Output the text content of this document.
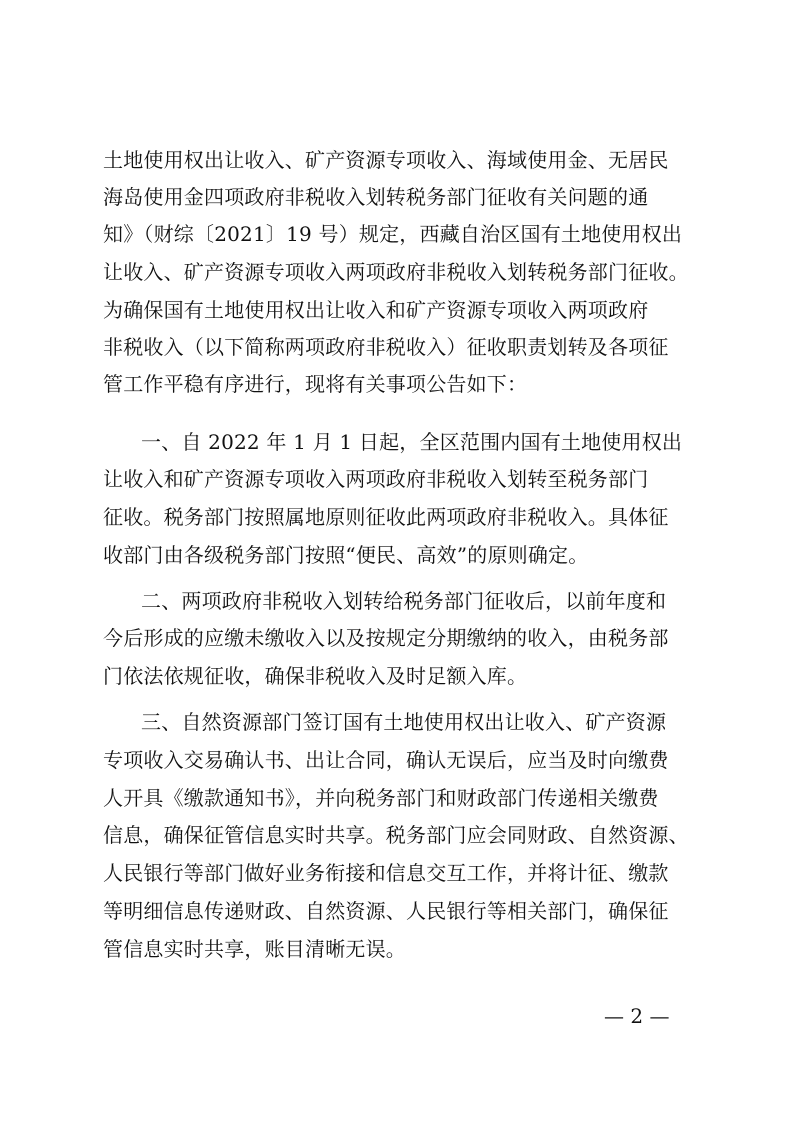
土地使用权出让收入、矿产资源专项收入、海域使用金、无居民
海岛使用金四项政府非税收入划转税务部门征收有关问题的通
知》（财综〔2021〕19 号）规定，西藏自治区国有土地使用权出
让收入、矿产资源专项收入两项政府非税收入划转税务部门征收。
为确保国有土地使用权出让收入和矿产资源专项收入两项政府
非税收入（以下简称两项政府非税收入）征收职责划转及各项征
管工作平稳有序进行，现将有关事项公告如下：
一、自 2022 年 1 月 1 日起，全区范围内国有土地使用权出
让收入和矿产资源专项收入两项政府非税收入划转至税务部门
征收。税务部门按照属地原则征收此两项政府非税收入。具体征
收部门由各级税务部门按照“便民、高效”的原则确定。
二、两项政府非税收入划转给税务部门征收后，以前年度和
今后形成的应缴未缴收入以及按规定分期缴纳的收入，由税务部
门依法依规征收，确保非税收入及时足额入库。
三、自然资源部门签订国有土地使用权出让收入、矿产资源
专项收入交易确认书、出让合同，确认无误后，应当及时向缴费
人开具《缴款通知书》，并向税务部门和财政部门传递相关缴费
信息，确保征管信息实时共享。税务部门应会同财政、自然资源、
人民银行等部门做好业务衔接和信息交互工作，并将计征、缴款
等明细信息传递财政、自然资源、人民银行等相关部门，确保征
管信息实时共享，账目清晰无误。
— 2 —
